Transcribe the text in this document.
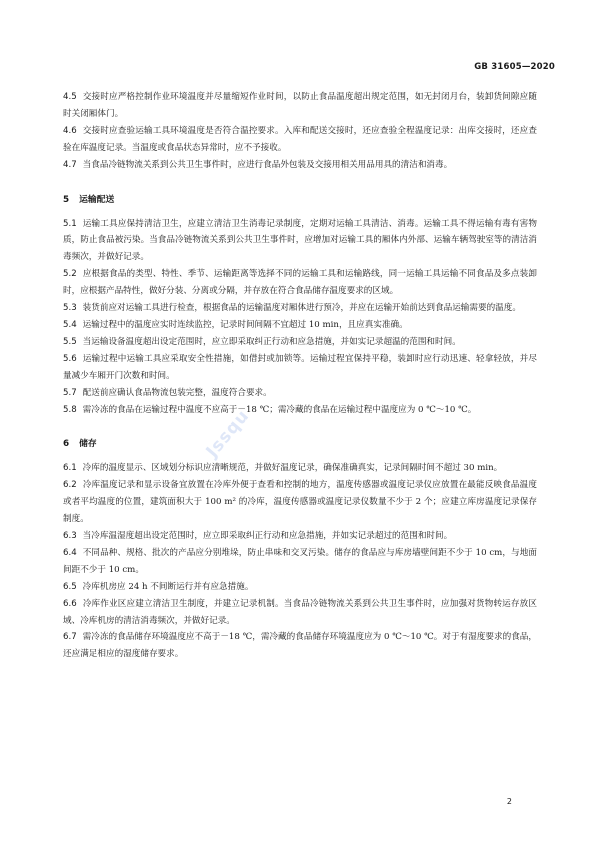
GB 31605—2020
Jssqu

4.5 交接时应严格控制作业环境温度并尽量缩短作业时间，以防止食品温度超出规定范围，如无封闭月台，装卸货间隙应随时关闭厢体门。

4.6 交接时应查验运输工具环境温度是否符合温控要求。入库和配送交接时，还应查验全程温度记录：出库交接时，还应查验在库温度记录。当温度或食品状态异常时，应不予接收。

4.7 当食品冷链物流关系到公共卫生事件时，应进行食品外包装及交接用相关用品用具的清洁和消毒。

5 运输配送

5.1 运输工具应保持清洁卫生，应建立清洁卫生消毒记录制度，定期对运输工具清洁、消毒。运输工具不得运输有毒有害物质，防止食品被污染。当食品冷链物流关系到公共卫生事件时，应增加对运输工具的厢体内外部、运输车辆驾驶室等的清洁消毒频次，并做好记录。

5.2 应根据食品的类型、特性、季节、运输距离等选择不同的运输工具和运输路线，同一运输工具运输不同食品及多点装卸时，应根据产品特性，做好分装、分离或分隔，并存放在符合食品储存温度要求的区域。

5.3 装货前应对运输工具进行检查，根据食品的运输温度对厢体进行预冷，并应在运输开始前达到食品运输需要的温度。

5.4 运输过程中的温度应实时连续监控，记录时间间隔不宜超过 10 min，且应真实准确。

5.5 当运输设备温度超出设定范围时，应立即采取纠正行动和应急措施，并如实记录超温的范围和时间。

5.6 运输过程中运输工具应采取安全性措施，如借封或加锁等。运输过程宜保持平稳，装卸时应行动迅速、轻拿轻放，并尽量减少车厢开门次数和时间。

5.7 配送前应确认食品物流包装完整，温度符合要求。

5.8 需冷冻的食品在运输过程中温度不应高于－18 ℃；需冷藏的食品在运输过程中温度应为 0 ℃～10 ℃。

6 储存

6.1 冷库的温度显示、区域划分标识应清晰规范，并做好温度记录，确保准确真实，记录间隔时间不超过 30 min。

6.2 冷库温度记录和显示设备宜放置在冷库外便于查看和控制的地方，温度传感器或温度记录仪应放置在最能反映食品温度或者平均温度的位置，建筑面积大于 100 m² 的冷库，温度传感器或温度记录仪数量不少于 2 个；应建立库房温度记录保存制度。

6.3 当冷库温湿度超出设定范围时，应立即采取纠正行动和应急措施，并如实记录超过的范围和时间。

6.4 不同品种、规格、批次的产品应分别堆垛，防止串味和交叉污染。储存的食品应与库房墙壁间距不少于 10 cm，与地面间距不少于 10 cm。

6.5 冷库机房应 24 h 不间断运行并有应急措施。

6.6 冷库作业区应建立清洁卫生制度，并建立记录机制。当食品冷链物流关系到公共卫生事件时，应加强对货物转运存放区域、冷库机房的清洁消毒频次，并做好记录。

6.7 需冷冻的食品储存环境温度应不高于－18 ℃，需冷藏的食品储存环境温度应为 0 ℃～10 ℃。对于有湿度要求的食品，还应满足相应的湿度储存要求。

2
